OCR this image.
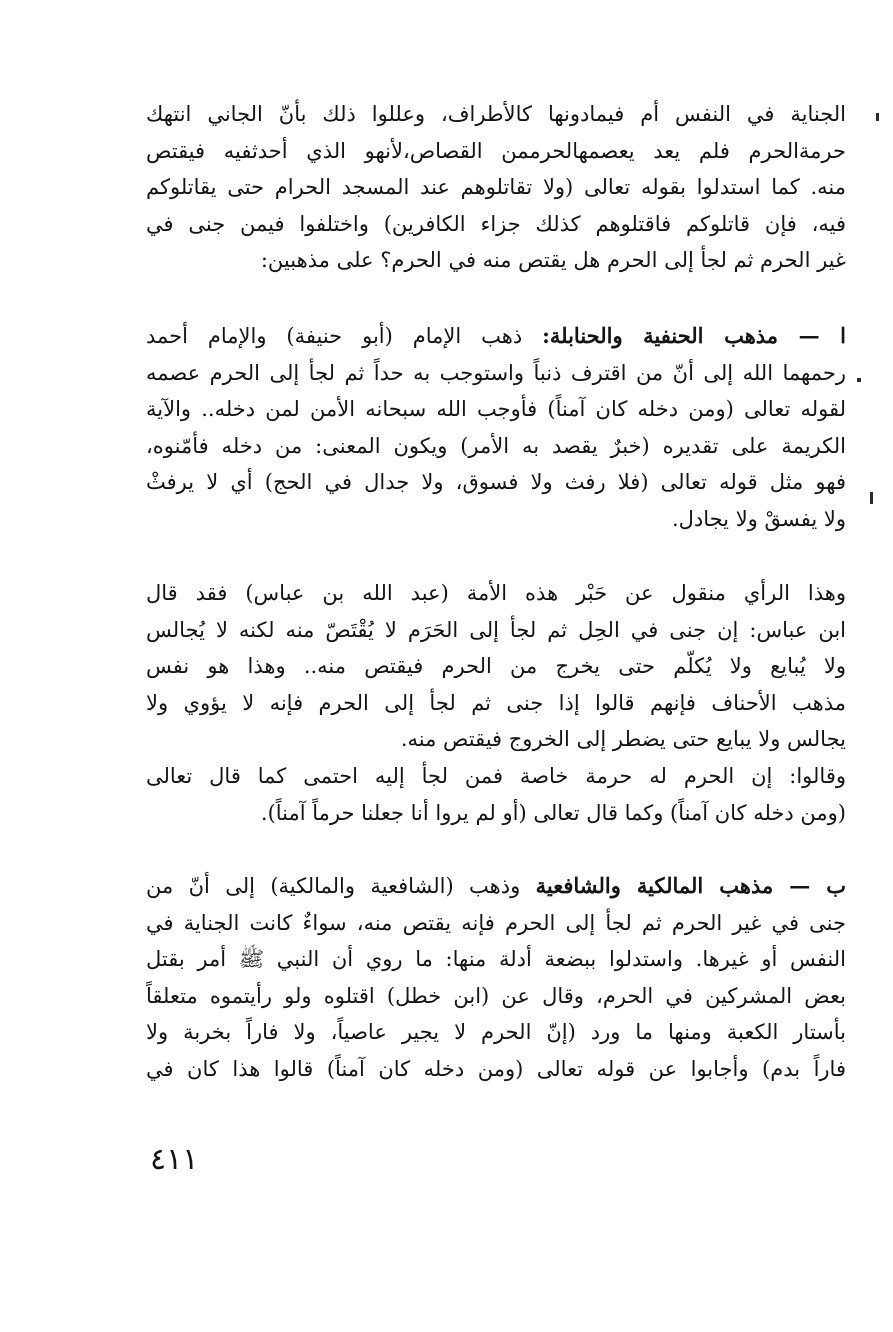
الجناية في النفس أم فيمادونها كالأطراف، وعللوا ذلك بأنّ الجاني انتهك
حرمةالحرم فلم يعد يعصمهالحرممن القصاص،لأنهو الذي أحدثفيه فيقتص
منه. كما استدلوا بقوله تعالى (ولا تقاتلوهم عند المسجد الحرام حتى يقاتلوكم
فيه، فإن قاتلوكم فاقتلوهم كذلك جزاء الكافرين) واختلفوا فيمن جنى في
غير الحرم ثم لجأ إلى الحرم هل يقتص منه في الحرم؟ على مذهبين:
ا — مذهب الحنفية والحنابلة: ذهب الإمام (أبو حنيفة) والإمام أحمد
رحمهما الله إلى أنّ من اقترف ذنباً واستوجب به حداً ثم لجأ إلى الحرم عصمه
لقوله تعالى (ومن دخله كان آمناً) فأوجب الله سبحانه الأمن لمن دخله.. والآية
الكريمة على تقديره (خبرٌ يقصد به الأمر) ويكون المعنى: من دخله فأمّنوه،
فهو مثل قوله تعالى (فلا رفث ولا فسوق، ولا جدال في الحج) أي لا يرفثْ
ولا يفسقْ ولا يجادل.
وهذا الرأي منقول عن حَبْر هذه الأمة (عبد الله بن عباس) فقد قال
ابن عباس: إن جنى في الحِل ثم لجأ إلى الحَرَم لا يُقْتَصّ منه لكنه لا يُجالس
ولا يُبايع ولا يُكلّم حتى يخرج من الحرم فيقتص منه.. وهذا هو نفس
مذهب الأحناف فإنهم قالوا إذا جنى ثم لجأ إلى الحرم فإنه لا يؤوي ولا
يجالس ولا يبايع حتى يضطر إلى الخروج فيقتص منه.
وقالوا: إن الحرم له حرمة خاصة فمن لجأ إليه احتمى كما قال تعالى
(ومن دخله كان آمناً) وكما قال تعالى (أو لم يروا أنا جعلنا حرماً آمناً).
ب — مذهب المالكية والشافعية وذهب (الشافعية والمالكية) إلى أنّ من
جنى في غير الحرم ثم لجأ إلى الحرم فإنه يقتص منه، سواءٌ كانت الجناية في
النفس أو غيرها. واستدلوا ببضعة أدلة منها: ما روي أن النبي ﷺ أمر بقتل
بعض المشركين في الحرم، وقال عن (ابن خطل) اقتلوه ولو رأيتموه متعلقاً
بأستار الكعبة ومنها ما ورد (إنّ الحرم لا يجير عاصياً، ولا فاراً بخربة ولا
فاراً بدم) وأجابوا عن قوله تعالى (ومن دخله كان آمناً) قالوا هذا كان في
٤١١
